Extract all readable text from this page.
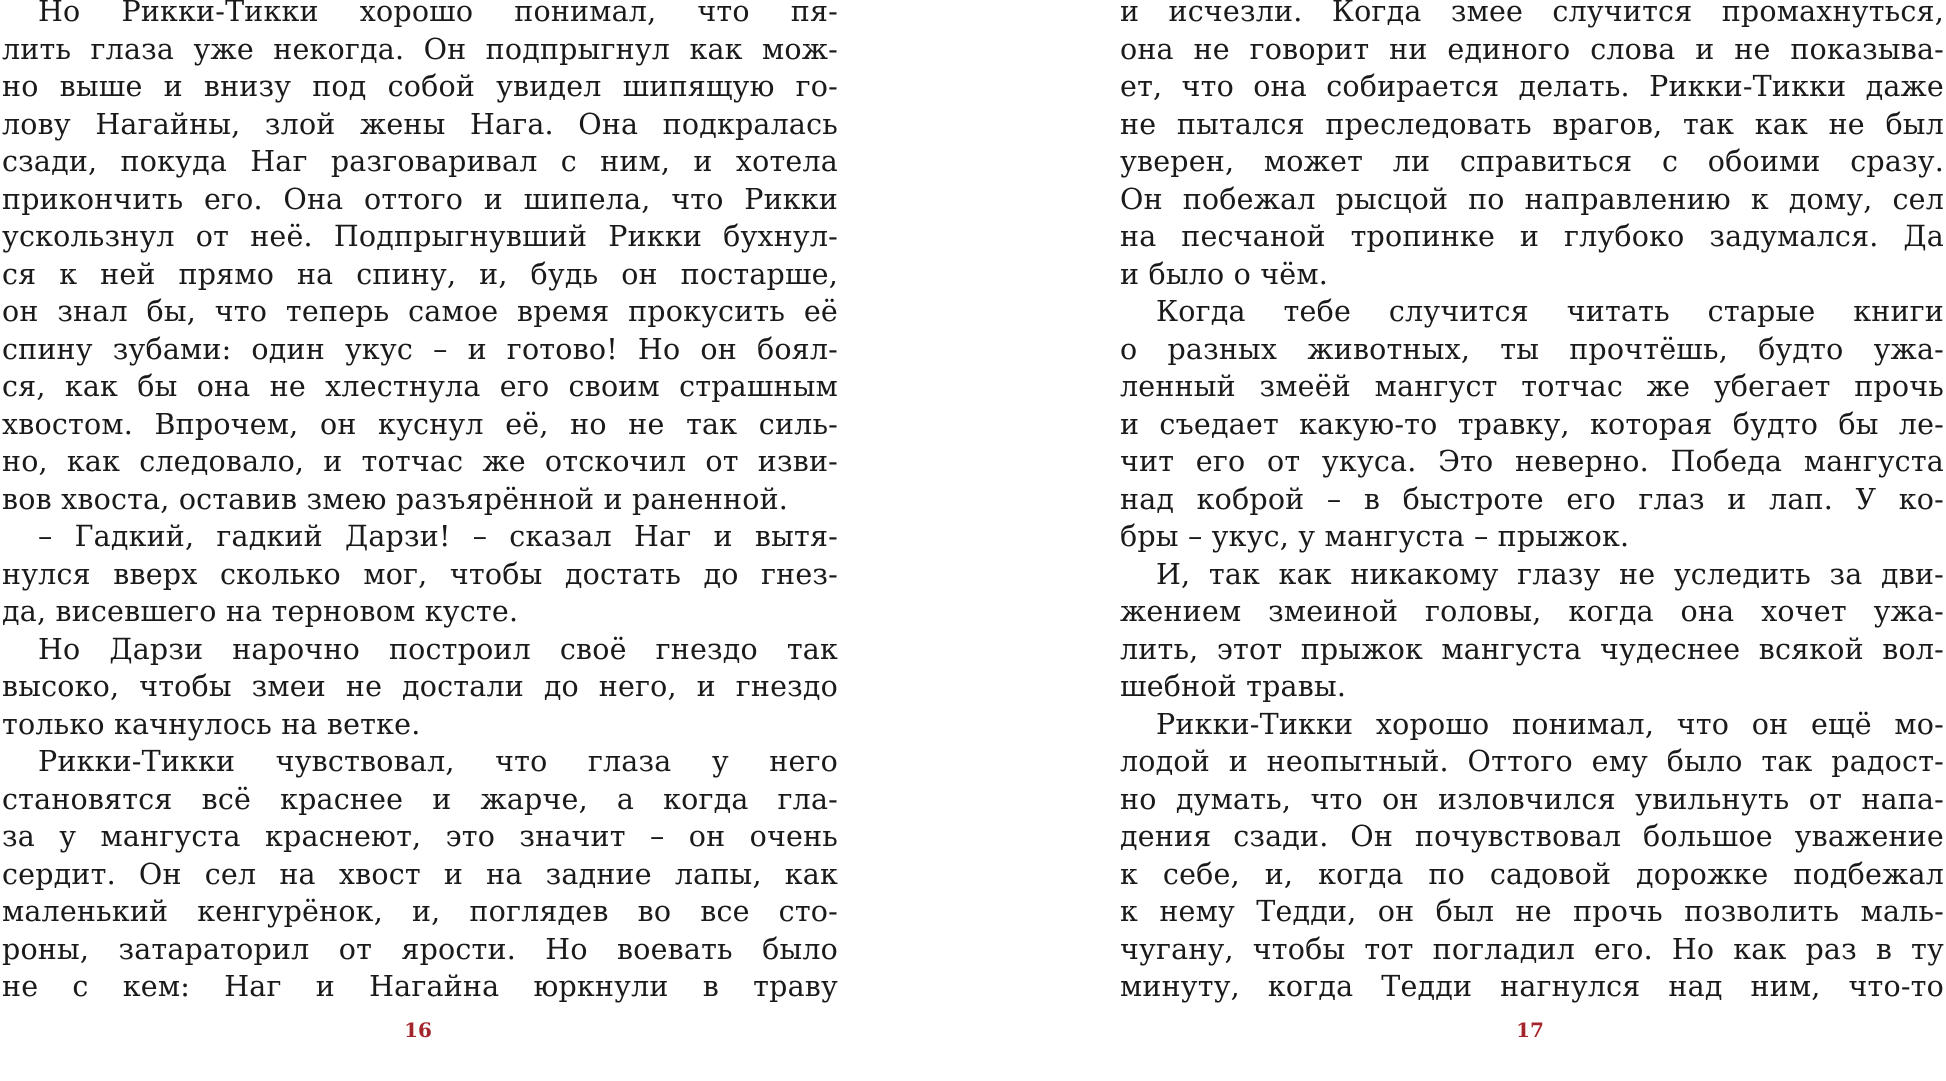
Но Рикки-Тикки хорошо понимал, что пя-
лить глаза уже некогда. Он подпрыгнул как мож-
но выше и внизу под собой увидел шипящую го-
лову Нагайны, злой жены Нага. Она подкралась
сзади, покуда Наг разговаривал с ним, и хотела
прикончить его. Она оттого и шипела, что Рикки
ускользнул от неё. Подпрыгнувший Рикки бухнул-
ся к ней прямо на спину, и, будь он постарше,
он знал бы, что теперь самое время прокусить её
спину зубами: один укус – и готово! Но он боял-
ся, как бы она не хлестнула его своим страшным
хвостом. Впрочем, он куснул её, но не так силь-
но, как следовало, и тотчас же отскочил от изви-
вов хвоста, оставив змею разъярённой и раненной.
– Гадкий, гадкий Дарзи! – сказал Наг и вытя-
нулся вверх сколько мог, чтобы достать до гнез-
да, висевшего на терновом кусте.
Но Дарзи нарочно построил своё гнездо так
высоко, чтобы змеи не достали до него, и гнездо
только качнулось на ветке.
Рикки-Тикки чувствовал, что глаза у него
становятся всё краснее и жарче, а когда гла-
за у мангуста краснеют, это значит – он очень
сердит. Он сел на хвост и на задние лапы, как
маленький кенгурёнок, и, поглядев во все сто-
роны, затараторил от ярости. Но воевать было
не с кем: Наг и Нагайна юркнули в траву
16
и исчезли. Когда змее случится промахнуться,
она не говорит ни единого слова и не показыва-
ет, что она собирается делать. Рикки-Тикки даже
не пытался преследовать врагов, так как не был
уверен, может ли справиться с обоими сразу.
Он побежал рысцой по направлению к дому, сел
на песчаной тропинке и глубоко задумался. Да
и было о чём.
Когда тебе случится читать старые книги
о разных животных, ты прочтёшь, будто ужа-
ленный змеёй мангуст тотчас же убегает прочь
и съедает какую-то травку, которая будто бы ле-
чит его от укуса. Это неверно. Победа мангуста
над коброй – в быстроте его глаз и лап. У ко-
бры – укус, у мангуста – прыжок.
И, так как никакому глазу не уследить за дви-
жением змеиной головы, когда она хочет ужа-
лить, этот прыжок мангуста чудеснее всякой вол-
шебной травы.
Рикки-Тикки хорошо понимал, что он ещё мо-
лодой и неопытный. Оттого ему было так радост-
но думать, что он изловчился увильнуть от напа-
дения сзади. Он почувствовал большое уважение
к себе, и, когда по садовой дорожке подбежал
к нему Тедди, он был не прочь позволить маль-
чугану, чтобы тот погладил его. Но как раз в ту
минуту, когда Тедди нагнулся над ним, что-то
17
